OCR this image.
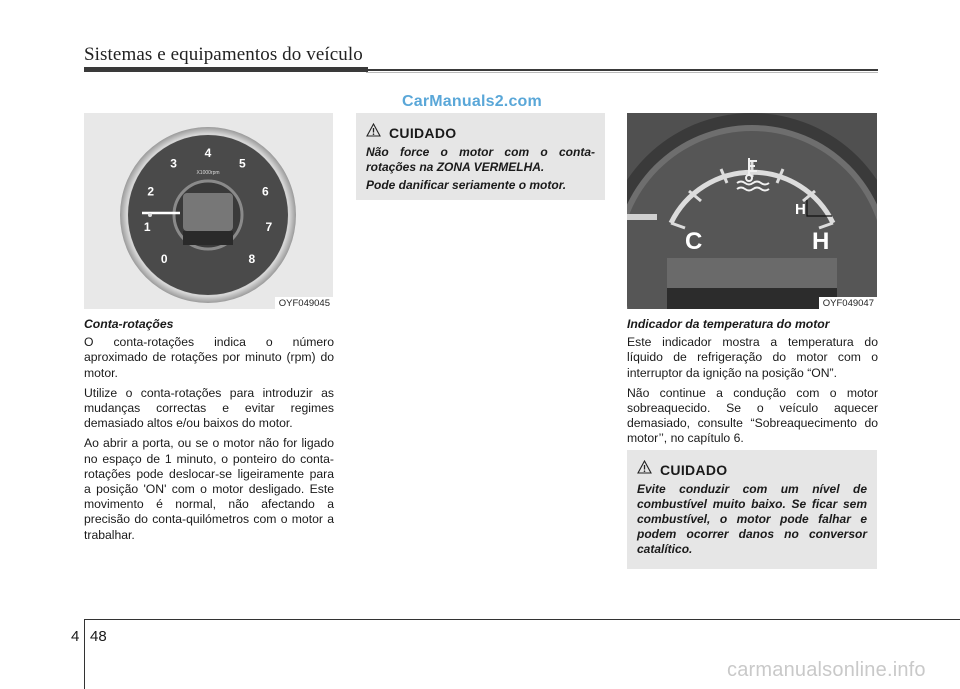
Sistemas e equipamentos do veículo
CarManuals2.com
X1000rpm
0
1
2
3
4
5
6
7
8
OYF049045
Conta-rotações

O conta-rotações indica o número aproximado de rotações por minuto (rpm) do motor.

Utilize o conta-rotações para introduzir as mudanças correctas e evitar regimes demasiado altos e/ou baixos do motor.

Ao abrir a porta, ou se o motor não for ligado no espaço de 1 minuto, o ponteiro do conta-rotações pode deslocar-se ligeiramente para a posição 'ON' com o motor desligado. Este movimento é normal, não afectando a precisão do conta-quilómetros com o motor a trabalhar.

CUIDADO
Não force o motor com o conta-rotações na ZONA VERMELHA.
Pode danificar seriamente o motor.
H
C	H
OYF049047
Indicador da temperatura do motor

Este indicador mostra a temperatura do líquido de refrigeração do motor com o interruptor da ignição na posição “ON”.

Não continue a condução com o motor sobreaquecido. Se o veículo aquecer demasiado, consulte “Sobreaquecimento do motor’’, no capítulo 6.

CUIDADO
Evite conduzir com um nível de combustível muito baixo. Se ficar sem combustível, o motor pode falhar e podem ocorrer danos no conversor catalítico.
4 48
carmanualsonline.info
